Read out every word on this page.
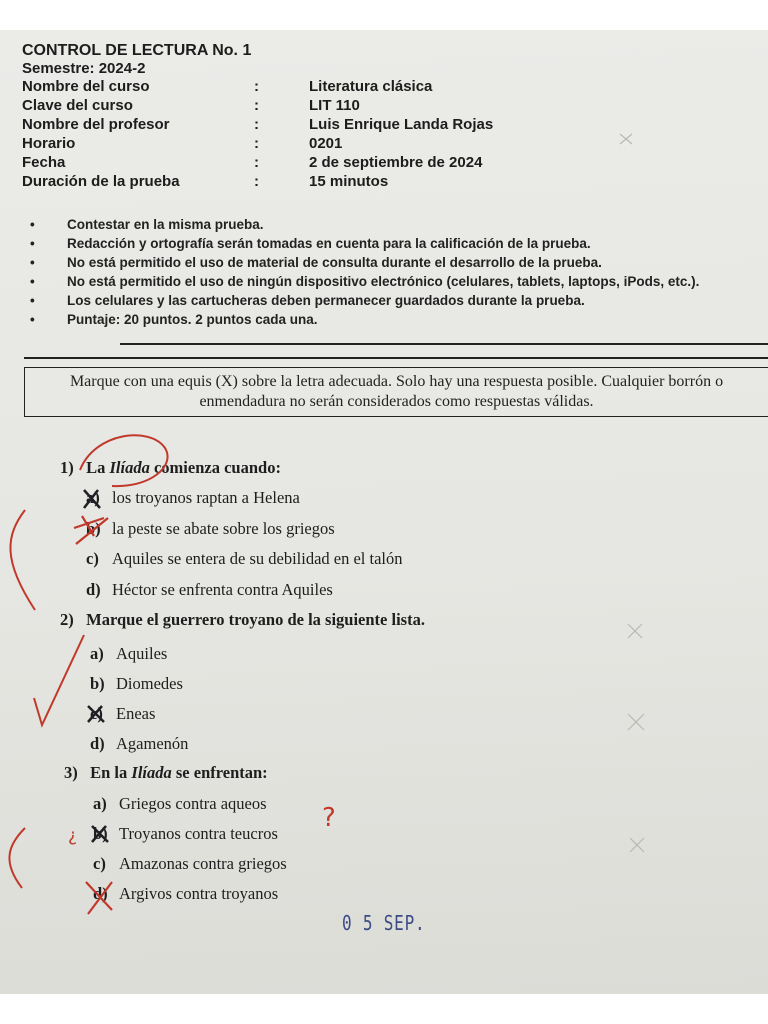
CONTROL DE LECTURA No. 1
Semestre: 2024-2
Nombre del curso	:	Literatura clásica
Clave del curso	:	LIT 110
Nombre del profesor	:	Luis Enrique Landa Rojas
Horario	:	0201
Fecha	:	2 de septiembre de 2024
Duración de la prueba	:	15 minutos
•	Contestar en la misma prueba.
•	Redacción y ortografía serán tomadas en cuenta para la calificación de la prueba.
•	No está permitido el uso de material de consulta durante el desarrollo de la prueba.
•	No está permitido el uso de ningún dispositivo electrónico (celulares, tablets, laptops, iPods, etc.).
•	Los celulares y las cartucheras deben permanecer guardados durante la prueba.
•	Puntaje: 20 puntos. 2 puntos cada una.
Marque con una equis (X) sobre la letra adecuada. Solo hay una respuesta posible. Cualquier borrón o enmendadura no serán considerados como respuestas válidas.
1) La Ilíada comienza cuando:
a) los troyanos raptan a Helena
b) la peste se abate sobre los griegos
c) Aquiles se entera de su debilidad en el talón
d) Héctor se enfrenta contra Aquiles
2) Marque el guerrero troyano de la siguiente lista.
a) Aquiles
b) Diomedes
c) Eneas
d) Agamenón
3) En la Ilíada se enfrentan:
a) Griegos contra aqueos
b) Troyanos contra teucros
c) Amazonas contra griegos
d) Argivos contra troyanos
0 5 SEP.
?
¿
